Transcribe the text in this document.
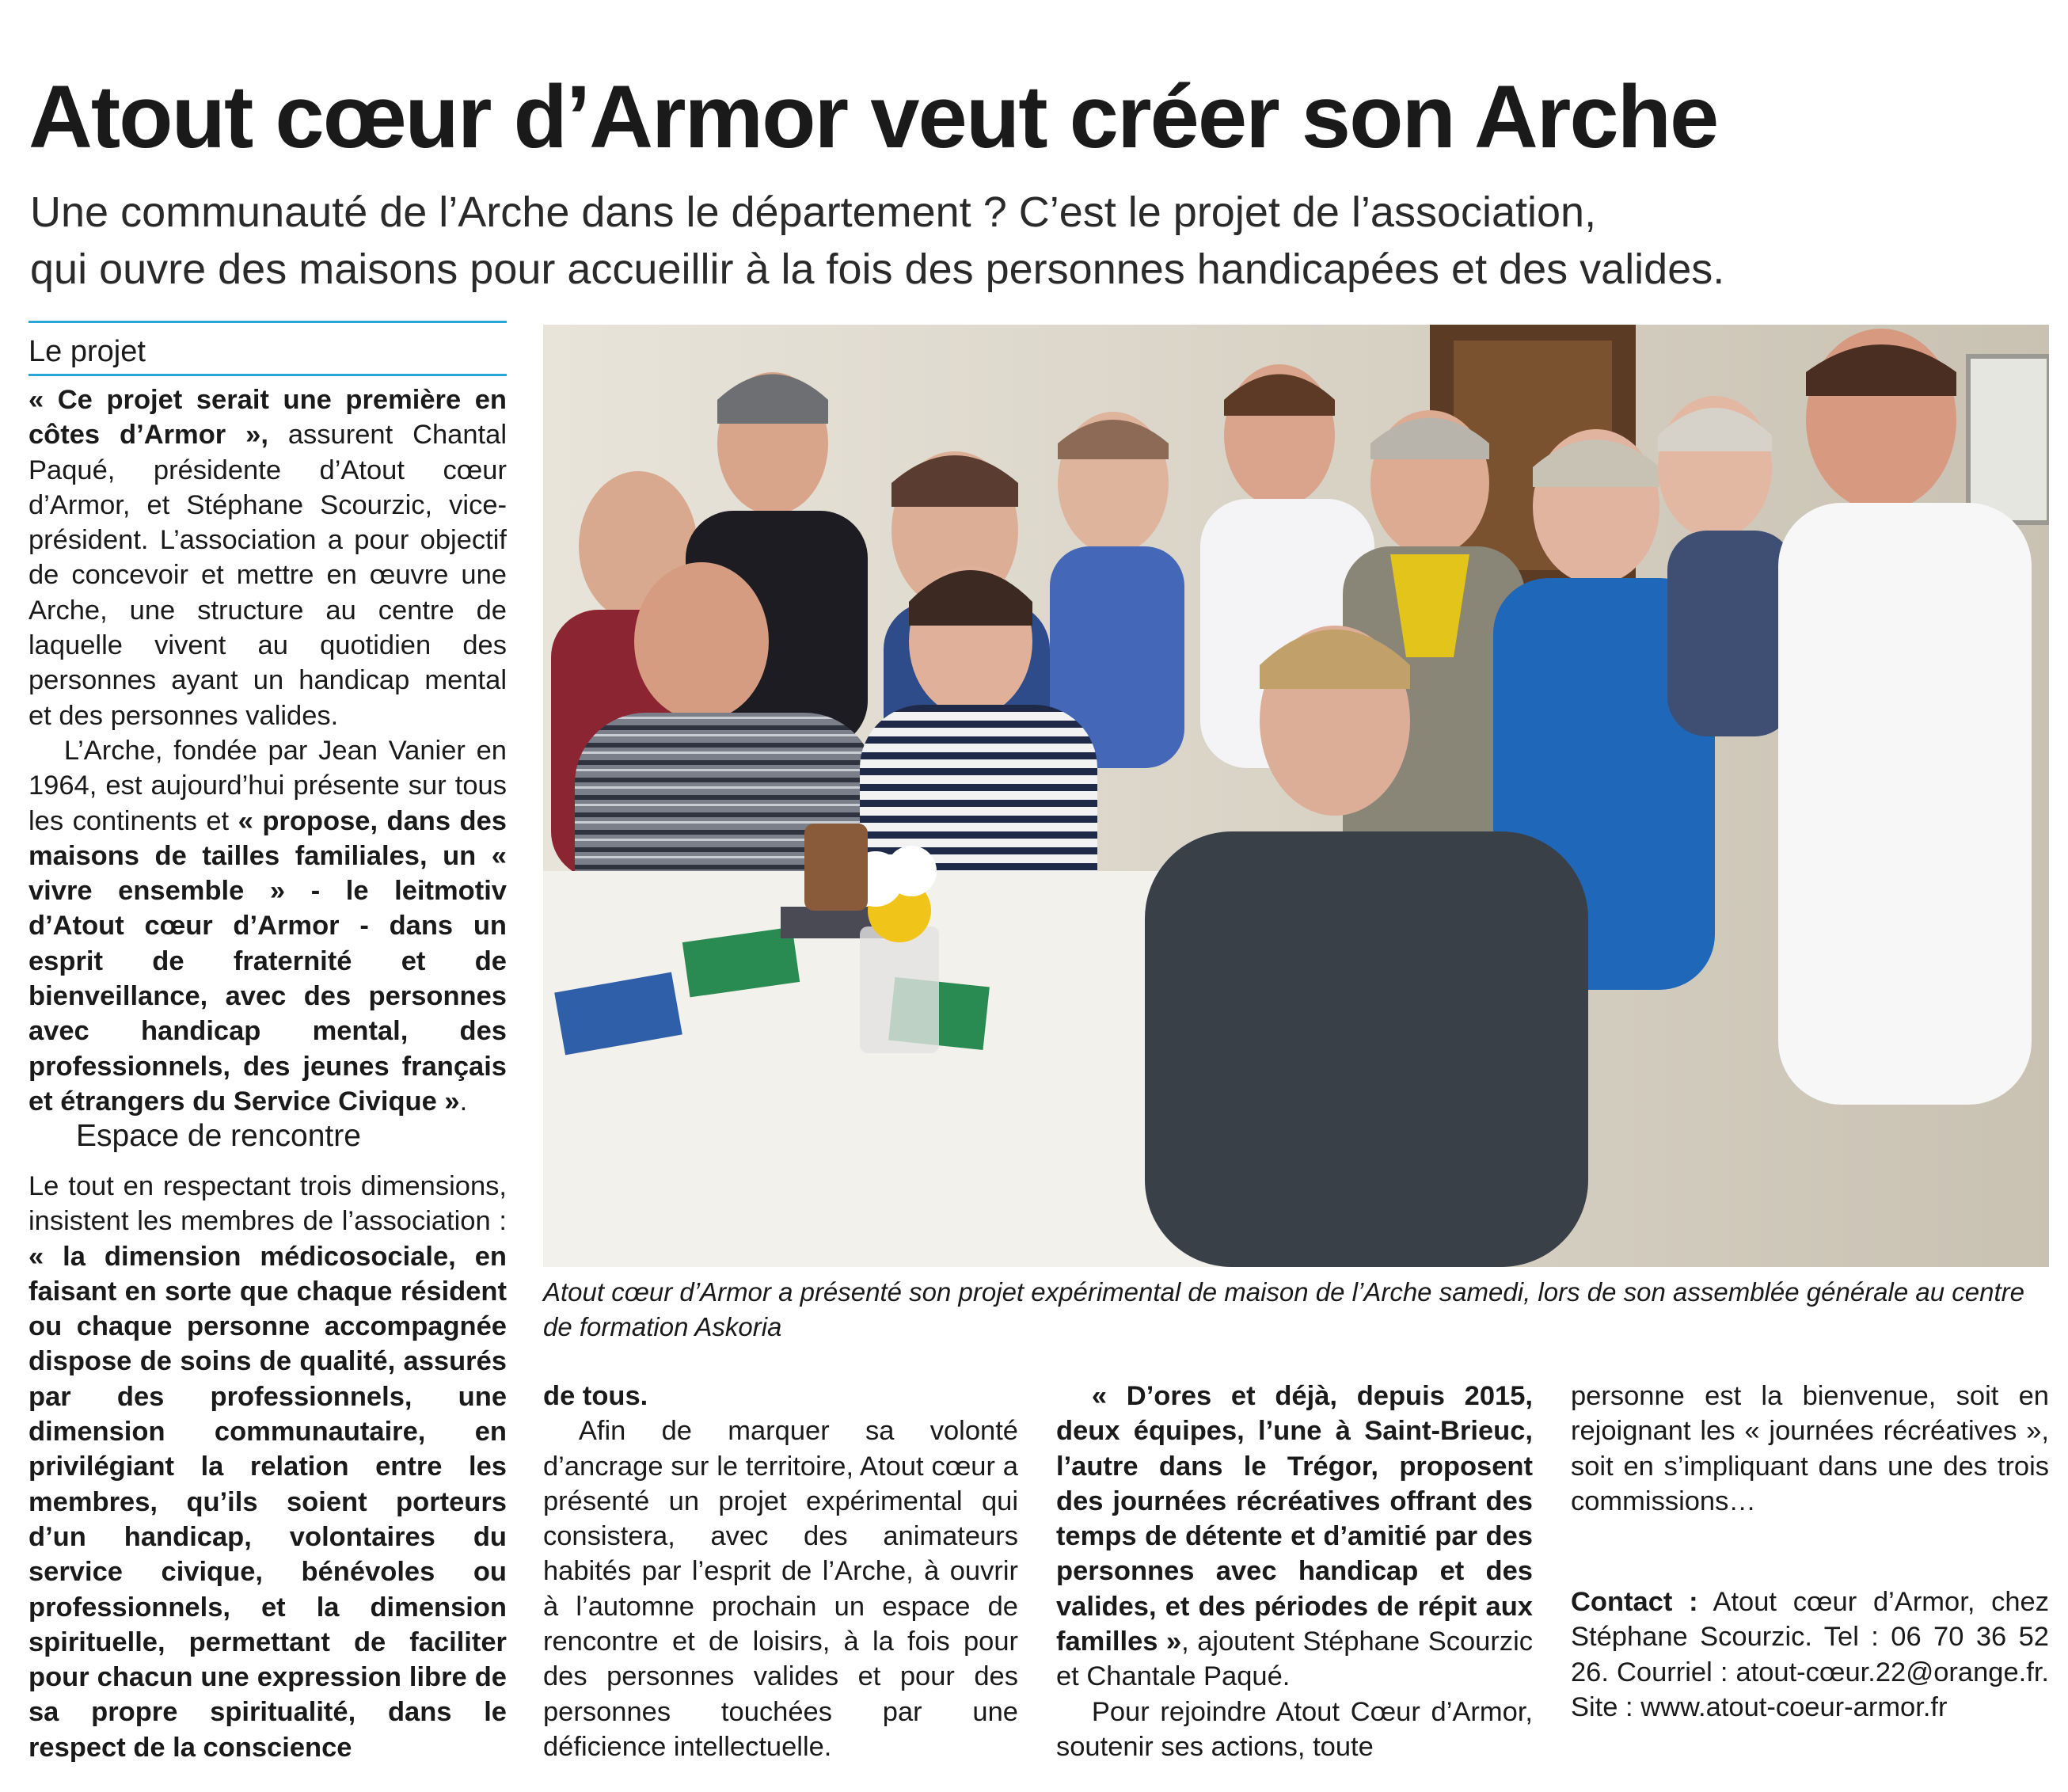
Atout cœur d’Armor veut créer son Arche
Une communauté de l’Arche dans le département ? C’est le projet de l’association,
qui ouvre des maisons pour accueillir à la fois des personnes handicapées et des valides.
Le projet

« Ce projet serait une première en côtes d’Armor », assurent Chantal Paqué, présidente d’Atout cœur d’Armor, et Stéphane Scourzic, vice-président. L’association a pour objectif de concevoir et mettre en œuvre une Arche, une structure au centre de laquelle vivent au quotidien des personnes ayant un handicap mental et des personnes valides.

L’Arche, fondée par Jean Vanier en 1964, est aujourd’hui présente sur tous les continents et « propose, dans des maisons de tailles familiales, un « vivre ensemble » - le leitmotiv d’Atout cœur d’Armor - dans un esprit de fraternité et de bienveillance, avec des personnes avec handicap mental, des professionnels, des jeunes français et étrangers du Service Civique ».

Espace de rencontre

Le tout en respectant trois dimensions, insistent les membres de l’association : « la dimension médicosociale, en faisant en sorte que chaque résident ou chaque personne accompagnée dispose de soins de qualité, assurés par des professionnels, une dimension communautaire, en privilégiant la relation entre les membres, qu’ils soient porteurs d’un handicap, volontaires du service civique, bénévoles ou professionnels, et la dimension spirituelle, permettant de faciliter pour chacun une expression libre de sa propre spiritualité, dans le respect de la conscience

Atout cœur d’Armor a présenté son projet expérimental de maison de l’Arche samedi, lors de son assemblée générale au centre de formation Askoria

de tous.

Afin de marquer sa volonté d’ancrage sur le territoire, Atout cœur a présenté un projet expérimental qui consistera, avec des animateurs habités par l’esprit de l’Arche, à ouvrir à l’automne prochain un espace de rencontre et de loisirs, à la fois pour des personnes valides et pour des personnes touchées par une déficience intellectuelle.

« D’ores et déjà, depuis 2015, deux équipes, l’une à Saint-Brieuc, l’autre dans le Trégor, proposent des journées récréatives offrant des temps de détente et d’amitié par des personnes avec handicap et des valides, et des périodes de répit aux familles », ajoutent Stéphane Scourzic et Chantale Paqué.

Pour rejoindre Atout Cœur d’Armor, soutenir ses actions, toute

personne est la bienvenue, soit en rejoignant les « journées récréatives », soit en s’impliquant dans une des trois commissions…

Contact : Atout cœur d’Armor, chez Stéphane Scourzic. Tel : 06 70 36 52 26. Courriel : atout-cœur.22@orange.fr. Site : www.atout-coeur-armor.fr
